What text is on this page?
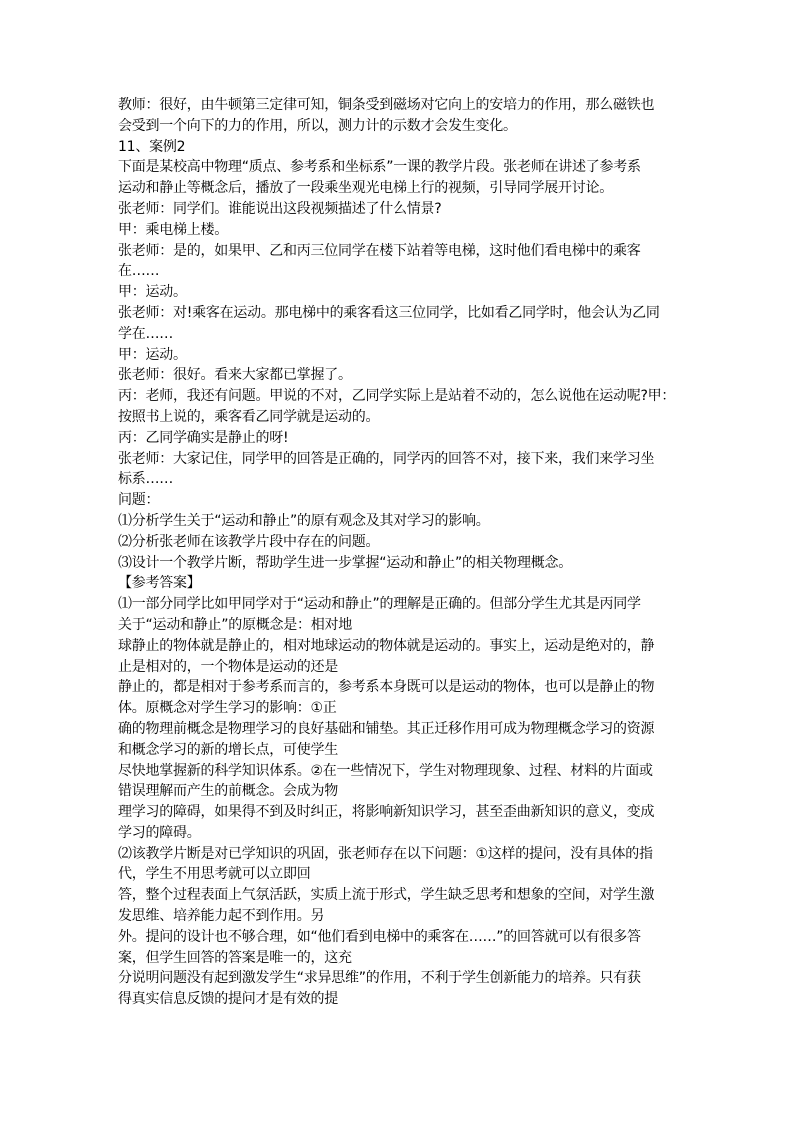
教师：很好，由牛顿第三定律可知，铜条受到磁场对它向上的安培力的作用，那么磁铁也
会受到一个向下的力的作用，所以，测力计的示数才会发生变化。
11、案例2
下面是某校高中物理“质点、参考系和坐标系”一课的教学片段。张老师在讲述了参考系
运动和静止等概念后，播放了一段乘坐观光电梯上行的视频，引导同学展开讨论。
张老师：同学们。谁能说出这段视频描述了什么情景?
甲：乘电梯上楼。
张老师：是的，如果甲、乙和丙三位同学在楼下站着等电梯，这时他们看电梯中的乘客
在……
甲：运动。
张老师：对!乘客在运动。那电梯中的乘客看这三位同学，比如看乙同学时，他会认为乙同
学在……
甲：运动。
张老师：很好。看来大家都已掌握了。
丙：老师，我还有问题。甲说的不对，乙同学实际上是站着不动的，怎么说他在运动呢?甲：
按照书上说的，乘客看乙同学就是运动的。
丙：乙同学确实是静止的呀!
张老师：大家记住，同学甲的回答是正确的，同学丙的回答不对，接下来，我们来学习坐
标系……
问题：
⑴分析学生关于“运动和静止”的原有观念及其对学习的影响。
⑵分析张老师在该教学片段中存在的问题。
⑶设计一个教学片断，帮助学生进一步掌握“运动和静止”的相关物理概念。
【参考答案】
⑴一部分同学比如甲同学对于“运动和静止”的理解是正确的。但部分学生尤其是丙同学
关于“运动和静止”的原概念是：相对地
球静止的物体就是静止的，相对地球运动的物体就是运动的。事实上，运动是绝对的，静
止是相对的，一个物体是运动的还是
静止的，都是相对于参考系而言的，参考系本身既可以是运动的物体，也可以是静止的物
体。原概念对学生学习的影响：①正
确的物理前概念是物理学习的良好基础和铺垫。其正迁移作用可成为物理概念学习的资源
和概念学习的新的增长点，可使学生
尽快地掌握新的科学知识体系。②在一些情况下，学生对物理现象、过程、材料的片面或
错误理解而产生的前概念。会成为物
理学习的障碍，如果得不到及时纠正，将影响新知识学习，甚至歪曲新知识的意义，变成
学习的障碍。
⑵该教学片断是对已学知识的巩固，张老师存在以下问题：①这样的提问，没有具体的指
代，学生不用思考就可以立即回
答，整个过程表面上气氛活跃，实质上流于形式，学生缺乏思考和想象的空间，对学生激
发思维、培养能力起不到作用。另
外。提问的设计也不够合理，如“他们看到电梯中的乘客在……”的回答就可以有很多答
案，但学生回答的答案是唯一的，这充
分说明问题没有起到激发学生“求异思维”的作用，不利于学生创新能力的培养。只有获
得真实信息反馈的提问才是有效的提
